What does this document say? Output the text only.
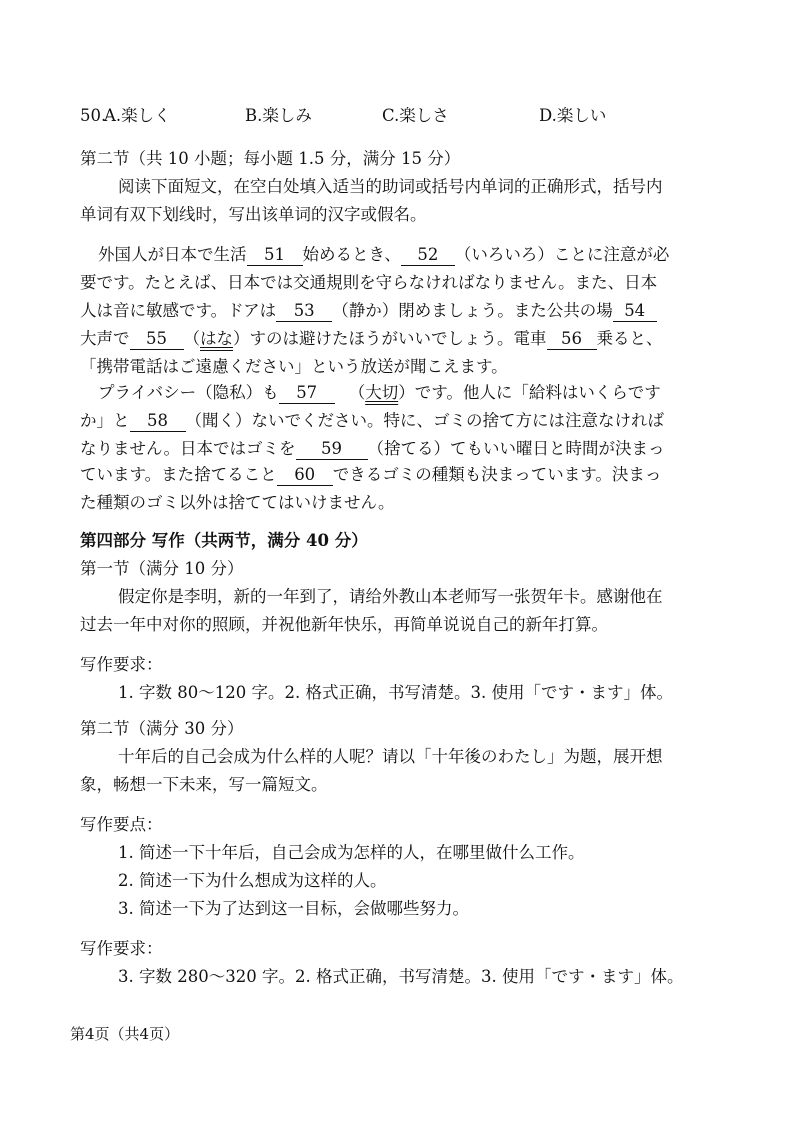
50.
A.楽しく	B.楽しみ	C.楽しさ	D.楽しい
第二节（共 10 小题；每小题 1.5 分，满分 15 分）
阅读下面短文，在空白处填入适当的助词或括号内单词的正确形式，括号内
单词有双下划线时，写出该单词的汉字或假名。
外国人が日本で生活 51 始めるとき、 52 （いろいろ）ことに注意が必
要です。たとえば、日本では交通規則を守らなければなりません。また、日本
人は音に敏感です。ドアは 53 （静か）閉めましょう。また公共の場 54
大声で 55 （はな）すのは避けたほうがいいでしょう。電車 56 乗ると、
「携帯電話はご遠慮ください」という放送が聞こえます。
プライバシー（隐私）も 57 （大切）です。他人に「給料はいくらです
か」と 58 （聞く）ないでください。特に、ゴミの捨て方には注意なければ
なりません。日本ではゴミを 59 （捨てる）てもいい曜日と時間が決まっ
ています。また捨てること 60 できるゴミの種類も決まっています。決まっ
た種類のゴミ以外は捨ててはいけません。
第四部分 写作（共两节，满分 40 分）
第一节（满分 10 分）
假定你是李明，新的一年到了，请给外教山本老师写一张贺年卡。感谢他在
过去一年中对你的照顾，并祝他新年快乐，再简单说说自己的新年打算。
写作要求：
1. 字数 80～120 字。2. 格式正确，书写清楚。3. 使用「です・ます」体。
第二节（满分 30 分）
十年后的自己会成为什么样的人呢？请以「十年後のわたし」为题，展开想
象，畅想一下未来，写一篇短文。
写作要点：
1. 简述一下十年后，自己会成为怎样的人，在哪里做什么工作。
2. 简述一下为什么想成为这样的人。
3. 简述一下为了达到这一目标，会做哪些努力。
写作要求：
3. 字数 280～320 字。2. 格式正确，书写清楚。3. 使用「です・ます」体。
第4页（共4页）
